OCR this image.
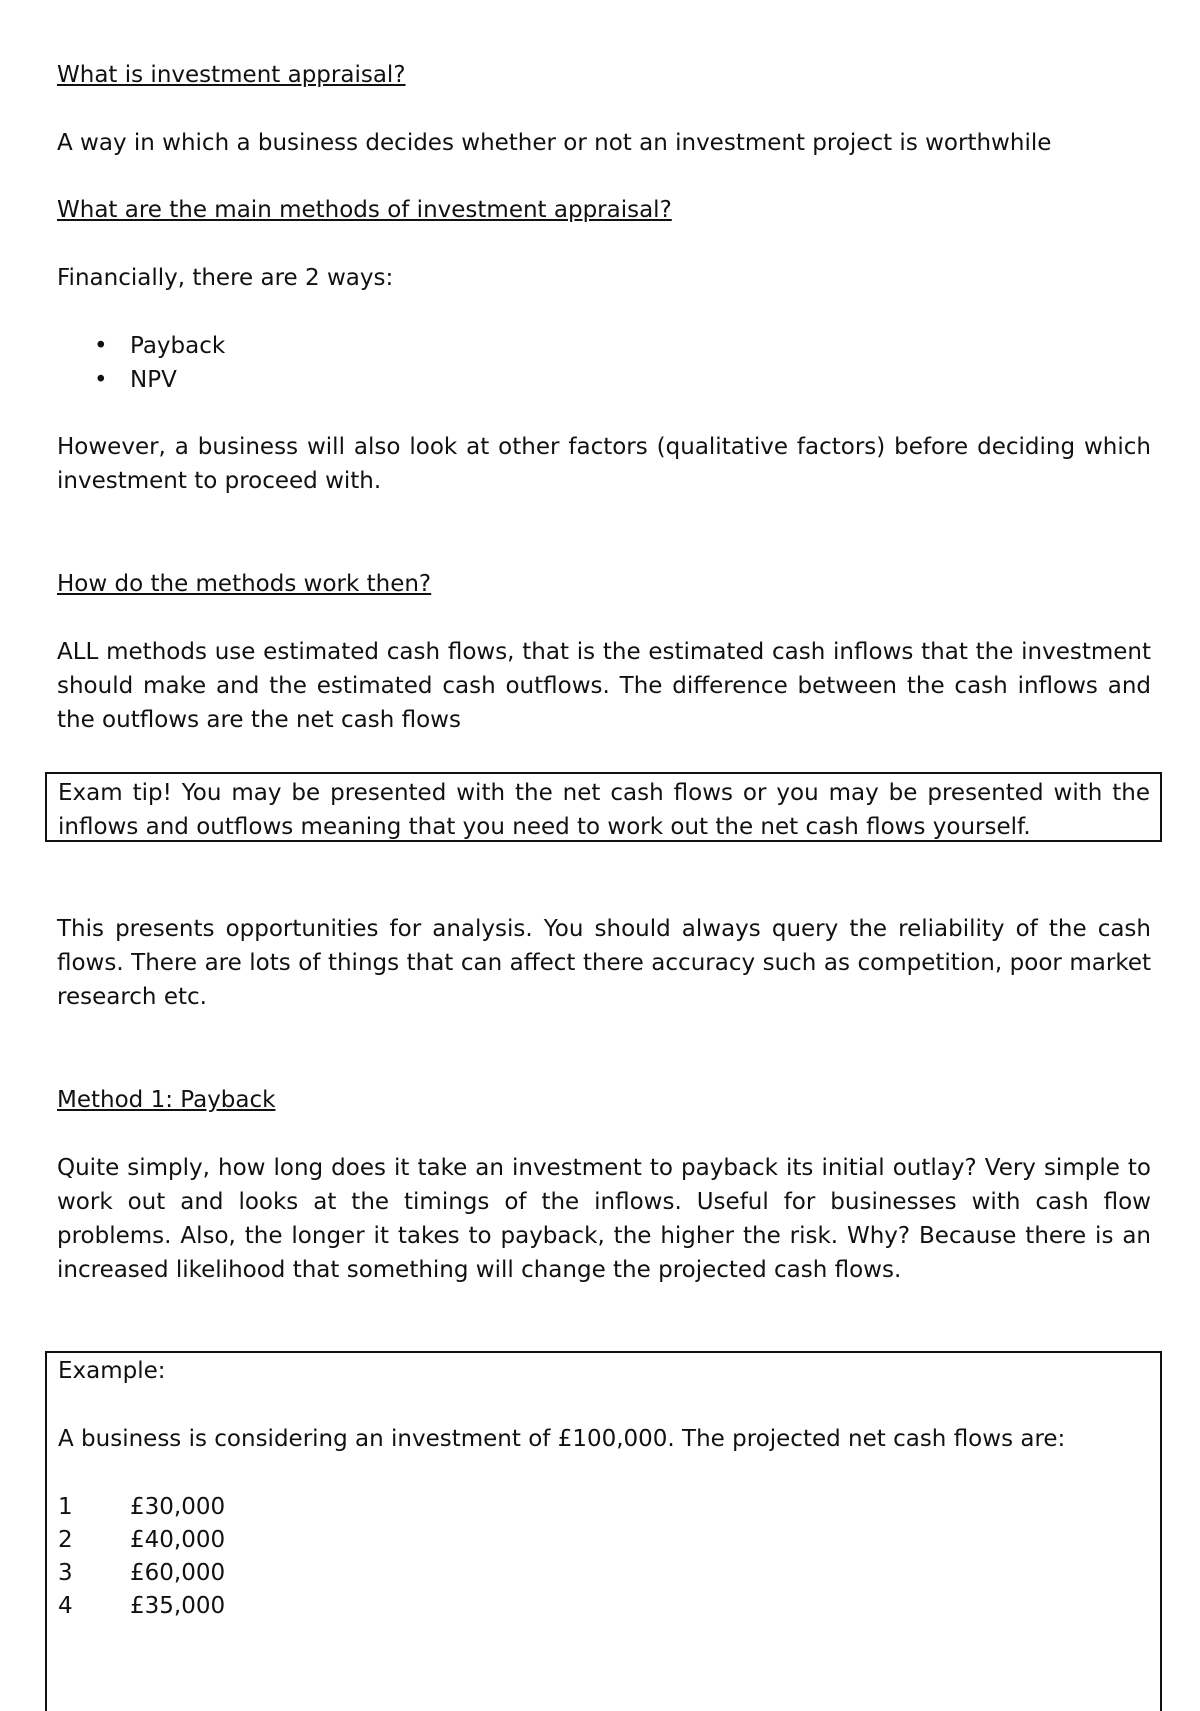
What is investment appraisal?

A way in which a business decides whether or not an investment project is worthwhile

What are the main methods of investment appraisal?

Financially, there are 2 ways:

• Payback
• NPV

However, a business will also look at other factors (qualitative factors) before deciding which investment to proceed with.

How do the methods work then?

ALL methods use estimated cash flows, that is the estimated cash inflows that the investment should make and the estimated cash outflows. The difference between the cash inflows and the outflows are the net cash flows

Exam tip! You may be presented with the net cash flows or you may be presented with the inflows and outflows meaning that you need to work out the net cash flows yourself.

This presents opportunities for analysis. You should always query the reliability of the cash flows. There are lots of things that can affect there accuracy such as competition, poor market research etc.

Method 1: Payback

Quite simply, how long does it take an investment to payback its initial outlay? Very simple to work out and looks at the timings of the inflows. Useful for businesses with cash flow problems. Also, the longer it takes to payback, the higher the risk. Why? Because there is an increased likelihood that something will change the projected cash flows.

Example:

A business is considering an investment of £100,000. The projected net cash flows are:

1	£30,000
2	£40,000
3	£60,000
4	£35,000
